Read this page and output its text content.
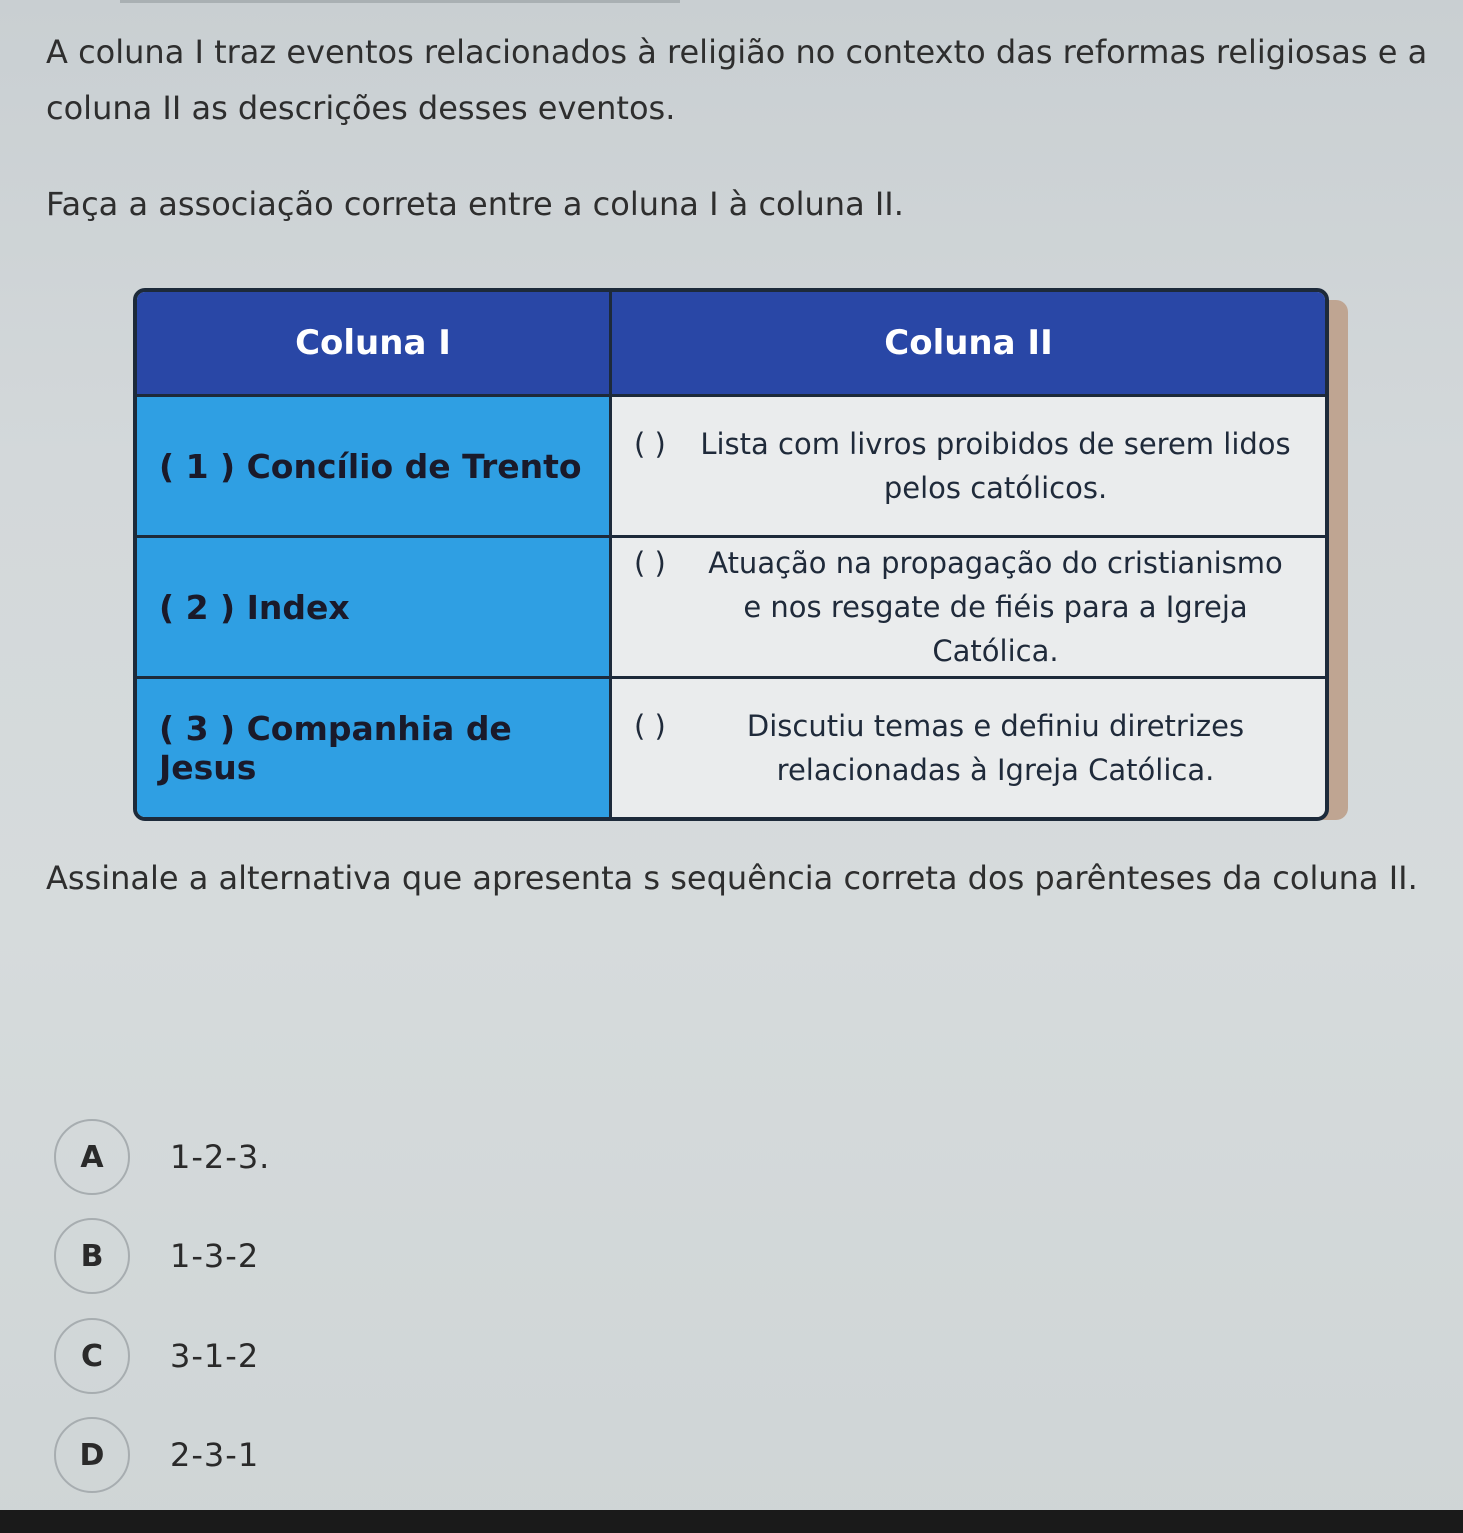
A coluna I traz eventos relacionados à religião no contexto das reformas religiosas e a coluna II as descrições desses eventos.

Faça a associação correta entre a coluna I à coluna II.

Coluna I	Coluna II
( 1 ) Concílio de Trento	( ) Lista com livros proibidos de serem lidos pelos católicos.

( 2 ) Index	( ) Atuação na propagação do cristianismo e nos resgate de fiéis para a Igreja Católica.

( 3 ) Companhia de Jesus	( ) Discutiu temas e definiu diretrizes relacionadas à Igreja Católica.

Assinale a alternativa que apresenta s sequência correta dos parênteses da coluna II.

A	1-2-3.
B	1-3-2
C	3-1-2
D	2-3-1
